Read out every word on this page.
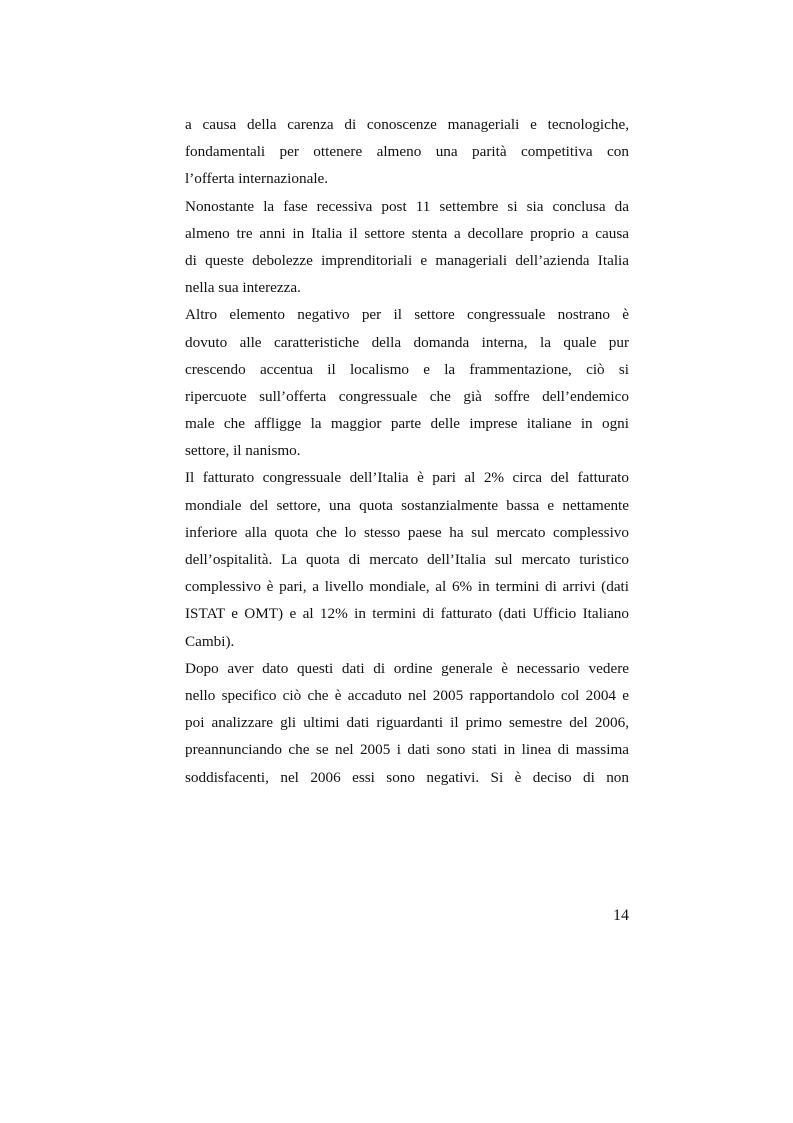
a causa della carenza di conoscenze manageriali e tecnologiche,
fondamentali per ottenere almeno una parità competitiva con
l’offerta internazionale.
Nonostante la fase recessiva post 11 settembre si sia conclusa da
almeno tre anni in Italia il settore stenta a decollare proprio a causa
di queste debolezze imprenditoriali e manageriali dell’azienda Italia
nella sua interezza.
Altro elemento negativo per il settore congressuale nostrano è
dovuto alle caratteristiche della domanda interna, la quale pur
crescendo accentua il localismo e la frammentazione, ciò si
ripercuote sull’offerta congressuale che già soffre dell’endemico
male che affligge la maggior parte delle imprese italiane in ogni
settore, il nanismo.
Il fatturato congressuale dell’Italia è pari al 2% circa del fatturato
mondiale del settore, una quota sostanzialmente bassa e nettamente
inferiore alla quota che lo stesso paese ha sul mercato complessivo
dell’ospitalità. La quota di mercato dell’Italia sul mercato turistico
complessivo è pari, a livello mondiale, al 6% in termini di arrivi (dati
ISTAT e OMT) e al 12% in termini di fatturato (dati Ufficio Italiano
Cambi).
Dopo aver dato questi dati di ordine generale è necessario vedere
nello specifico ciò che è accaduto nel 2005 rapportandolo col 2004 e
poi analizzare gli ultimi dati riguardanti il primo semestre del 2006,
preannunciando che se nel 2005 i dati sono stati in linea di massima
soddisfacenti, nel 2006 essi sono negativi. Si è deciso di non
14
